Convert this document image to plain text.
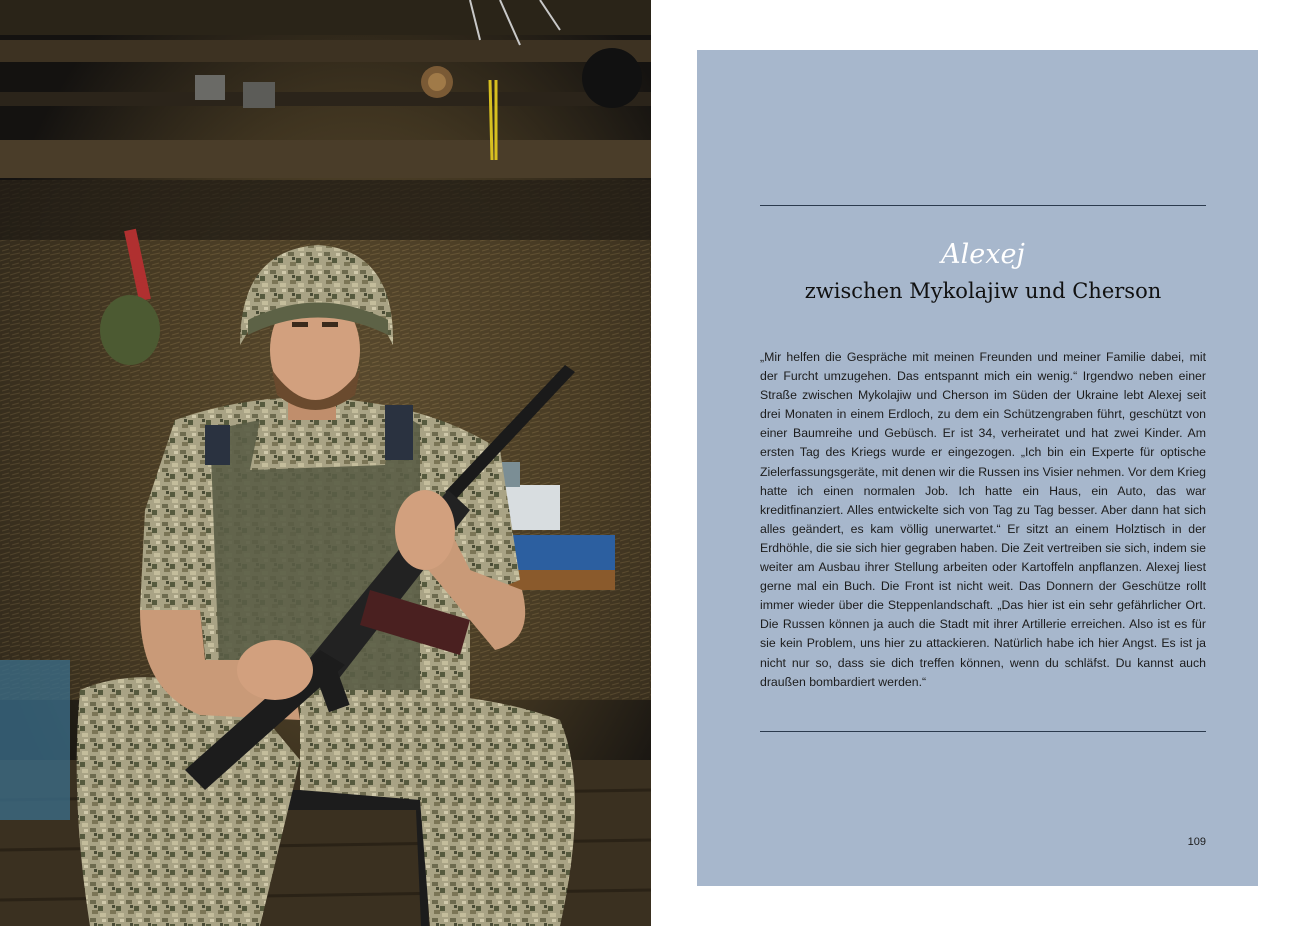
Alexej
zwischen Mykolajiw und Cherson

„Mir helfen die Gespräche mit meinen Freunden und meiner Familie dabei, mit der Furcht umzugehen. Das entspannt mich ein wenig.“ Irgendwo neben einer Straße zwischen Mykolajiw und Cherson im Süden der Ukraine lebt Alexej seit drei Monaten in einem Erdloch, zu dem ein Schützengraben führt, geschützt von einer Baumreihe und Gebüsch. Er ist 34, verheiratet und hat zwei Kinder. Am ersten Tag des Kriegs wurde er eingezogen. „Ich bin ein Experte für optische Zielerfassungsgeräte, mit denen wir die Russen ins Visier nehmen. Vor dem Krieg hatte ich einen normalen Job. Ich hatte ein Haus, ein Auto, das war kreditfinanziert. Alles entwickelte sich von Tag zu Tag besser. Aber dann hat sich alles geändert, es kam völlig unerwartet.“ Er sitzt an einem Holztisch in der Erdhöhle, die sie sich hier gegraben haben. Die Zeit vertreiben sie sich, indem sie weiter am Ausbau ihrer Stellung arbeiten oder Kartoffeln anpflanzen. Alexej liest gerne mal ein Buch. Die Front ist nicht weit. Das Donnern der Geschütze rollt immer wieder über die Steppenlandschaft. „Das hier ist ein sehr gefährlicher Ort. Die Russen können ja auch die Stadt mit ihrer Artillerie erreichen. Also ist es für sie kein Problem, uns hier zu attackieren. Natürlich habe ich hier Angst. Es ist ja nicht nur so, dass sie dich treffen können, wenn du schläfst. Du kannst auch draußen bombardiert werden.“

109
